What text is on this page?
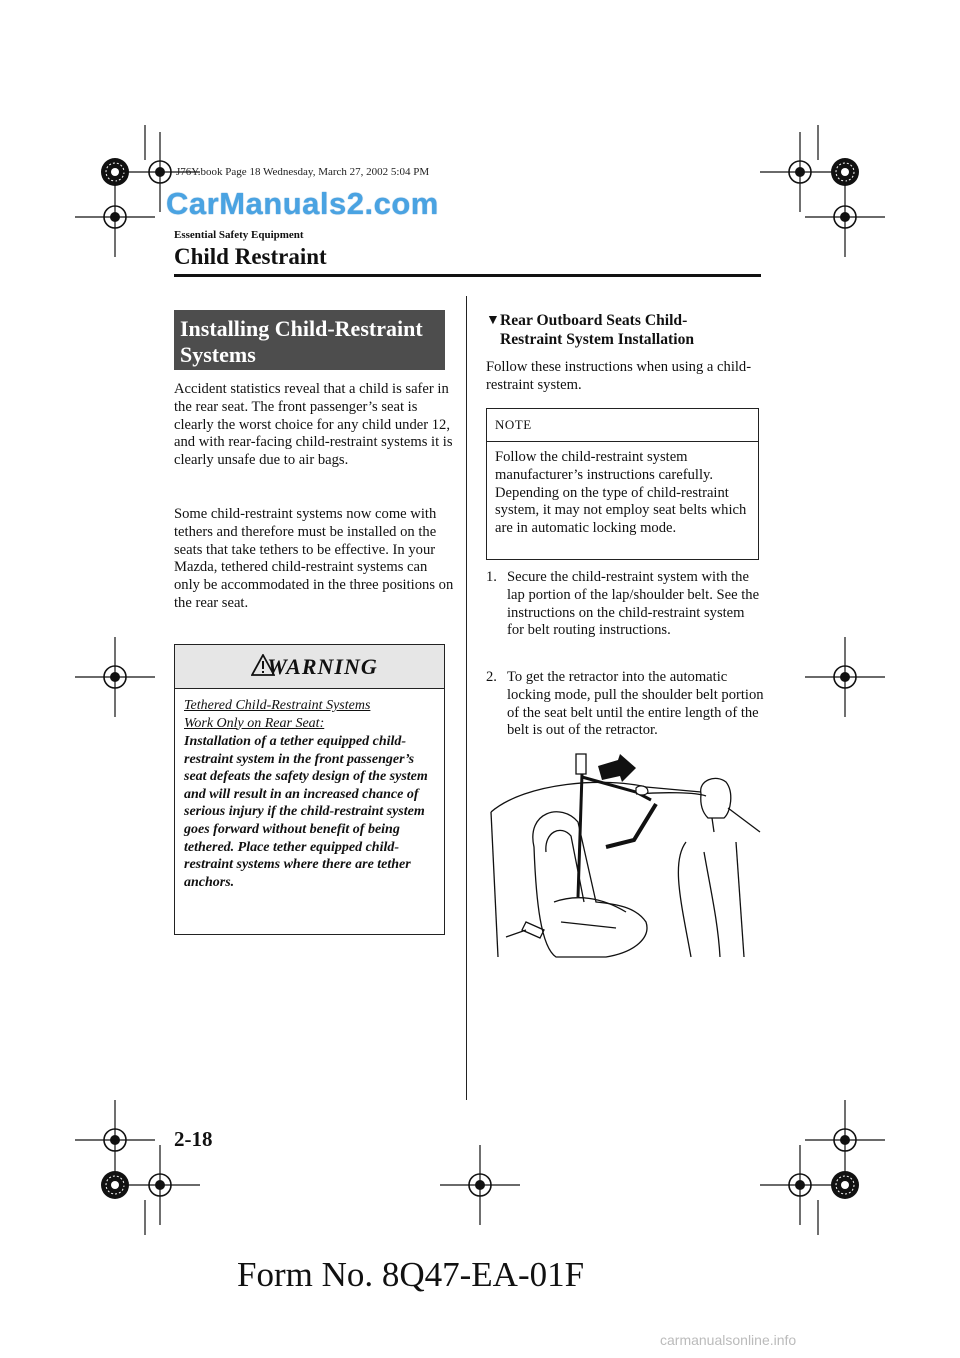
J76Y.book Page 18 Wednesday, March 27, 2002 5:04 PM
CarManuals2.com
Essential Safety Equipment
Child Restraint
Installing Child-Restraint
Systems
Accident statistics reveal that a child is safer in the rear seat. The front passenger’s seat is clearly the worst choice for any child under 12, and with rear-facing child-restraint systems it is clearly unsafe due to air bags.
Some child-restraint systems now come with tethers and therefore must be installed on the seats that take tethers to be effective. In your Mazda, tethered child-restraint systems can only be accommodated in the three positions on the rear seat.
WARNING
Tethered Child-Restraint Systems
Work Only on Rear Seat:
Installation of a tether equipped child-restraint system in the front passenger’s seat defeats the safety design of the system and will result in an increased chance of serious injury if the child-restraint system goes forward without benefit of being tethered. Place tether equipped child-restraint systems where there are tether anchors.
▼ Rear Outboard Seats Child-
Restraint System Installation
Follow these instructions when using a child-restraint system.
NOTE
Follow the child-restraint system manufacturer’s instructions carefully. Depending on the type of child-restraint system, it may not employ seat belts which are in automatic locking mode.
1. Secure the child-restraint system with the lap portion of the lap/shoulder belt. See the instructions on the child-restraint system for belt routing instructions.
2. To get the retractor into the automatic locking mode, pull the shoulder belt portion of the seat belt until the entire length of the belt is out of the retractor.
2-18
Form No. 8Q47-EA-01F
carmanualsonline.info
